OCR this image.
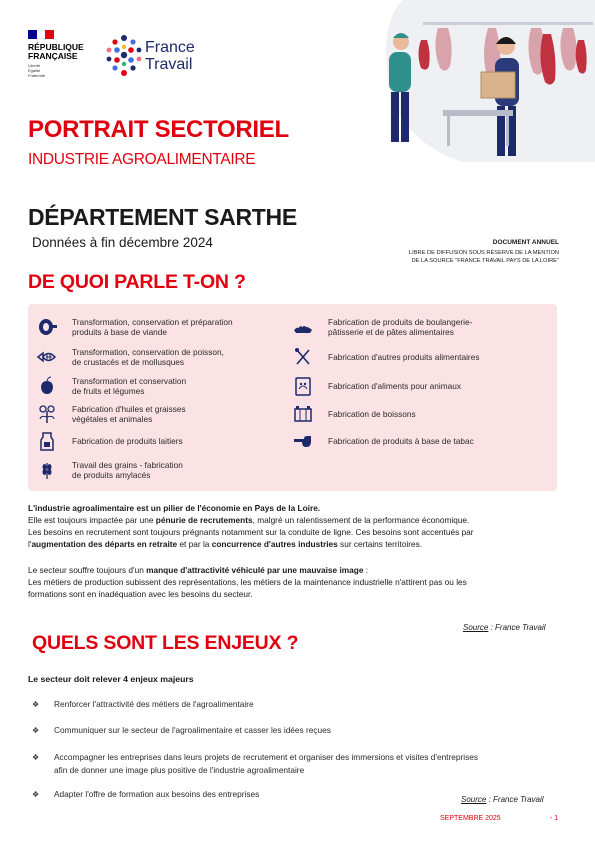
RÉPUBLIQUE
FRANÇAISE
Liberté
Égalité
Fraternité
France
Travail
PORTRAIT SECTORIEL
INDUSTRIE AGROALIMENTAIRE
DÉPARTEMENT SARTHE
Données à fin décembre 2024	DOCUMENT ANNUEL
LIBRE DE DIFFUSION SOUS RÉSERVE DE LA MENTION
DE LA SOURCE "FRANCE TRAVAIL PAYS DE LA LOIRE"
DE QUOI PARLE T-ON ?
Transformation, conservation et préparation
produits à base de viande
Transformation, conservation de poisson,
de crustacés et de mollusques
Transformation et conservation
de fruits et légumes
Fabrication d'huiles et graisses
végétales et animales
Fabrication de produits laitiers
Travail des grains - fabrication
de produits amylacés
Fabrication de produits de boulangerie-
pâtisserie et de pâtes alimentaires
Fabrication d'autres produits alimentaires
Fabrication d'aliments pour animaux
Fabrication de boissons
Fabrication de produits à base de tabac
L'industrie agroalimentaire est un pilier de l'économie en Pays de la Loire.
Elle est toujours impactée par une pénurie de recrutements, malgré un ralentissement de la performance économique.
Les besoins en recrutement sont toujours prégnants notamment sur la conduite de ligne. Ces besoins sont accentués par
l'augmentation des départs en retraite et par la concurrence d'autres industries sur certains territoires.
Le secteur souffre toujours d'un manque d'attractivité véhiculé par une mauvaise image :
Les métiers de production subissent des représentations, les métiers de la maintenance industrielle n'attirent pas ou les
formations sont en inadéquation avec les besoins du secteur.
Source : France Travail
QUELS SONT LES ENJEUX ?
Le secteur doit relever 4 enjeux majeurs
❖	Renforcer l'attractivité des métiers de l'agroalimentaire
❖	Communiquer sur le secteur de l'agroalimentaire et casser les idées reçues
❖	Accompagner les entreprises dans leurs projets de recrutement et organiser des immersions et visites d'entreprises
afin de donner une image plus positive de l'industrie agroalimentaire
❖	Adapter l'offre de formation aux besoins des entreprises
Source : France Travail
SEPTEMBRE 2025	- 1
